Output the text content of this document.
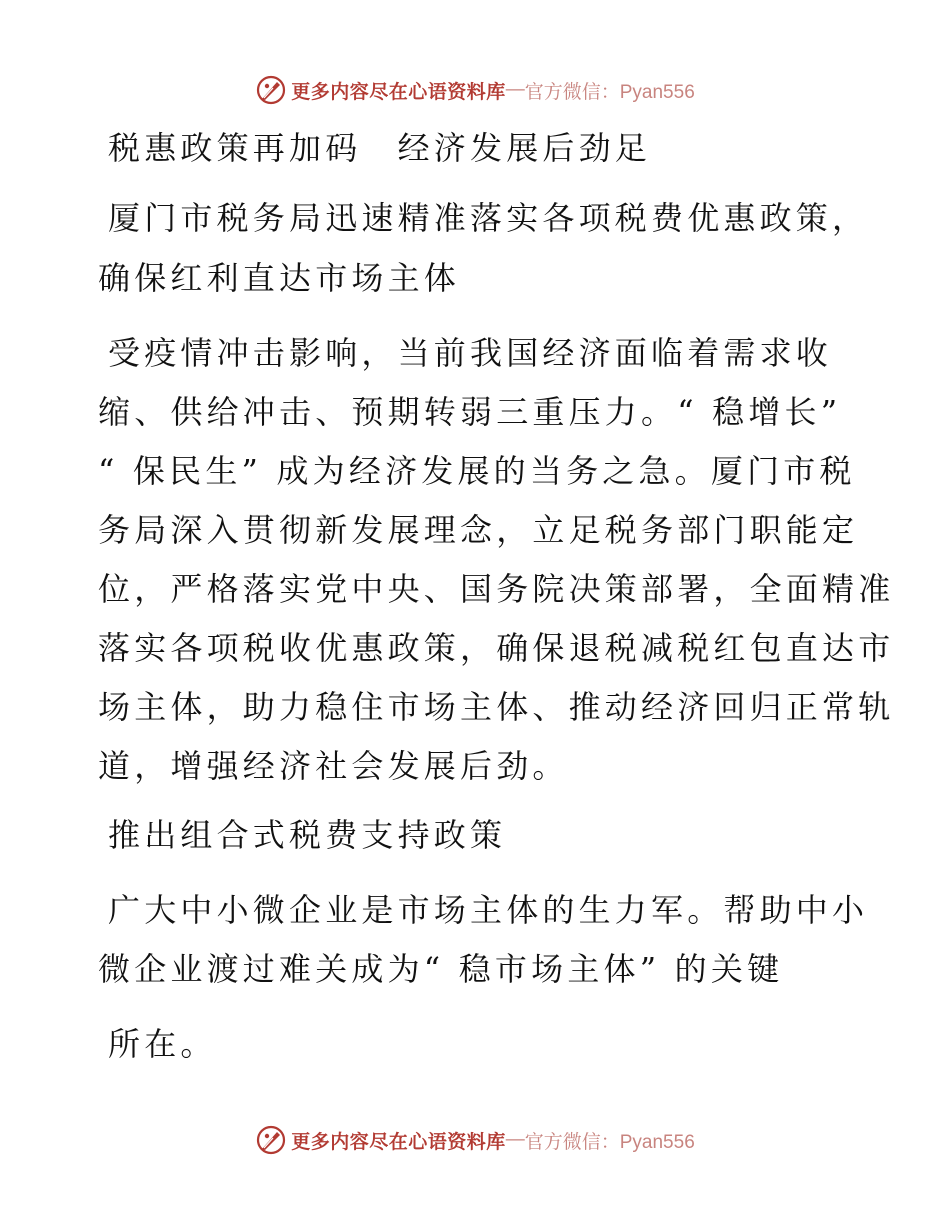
更多内容尽在心语资料库 — 官方微信：Pyan556
税惠政策再加码　经济发展后劲足
厦门市税务局迅速精准落实各项税费优惠政策，
确保红利直达市场主体
受疫情冲击影响，当前我国经济面临着需求收
缩、供给冲击、预期转弱三重压力。“ 稳增长”
“ 保民生” 成为经济发展的当务之急。厦门市税
务局深入贯彻新发展理念，立足税务部门职能定
位，严格落实党中央、国务院决策部署，全面精准
落实各项税收优惠政策，确保退税减税红包直达市
场主体，助力稳住市场主体、推动经济回归正常轨
道，增强经济社会发展后劲。
推出组合式税费支持政策
广大中小微企业是市场主体的生力军。帮助中小
微企业渡过难关成为“ 稳市场主体” 的关键
所在。
更多内容尽在心语资料库 — 官方微信：Pyan556
